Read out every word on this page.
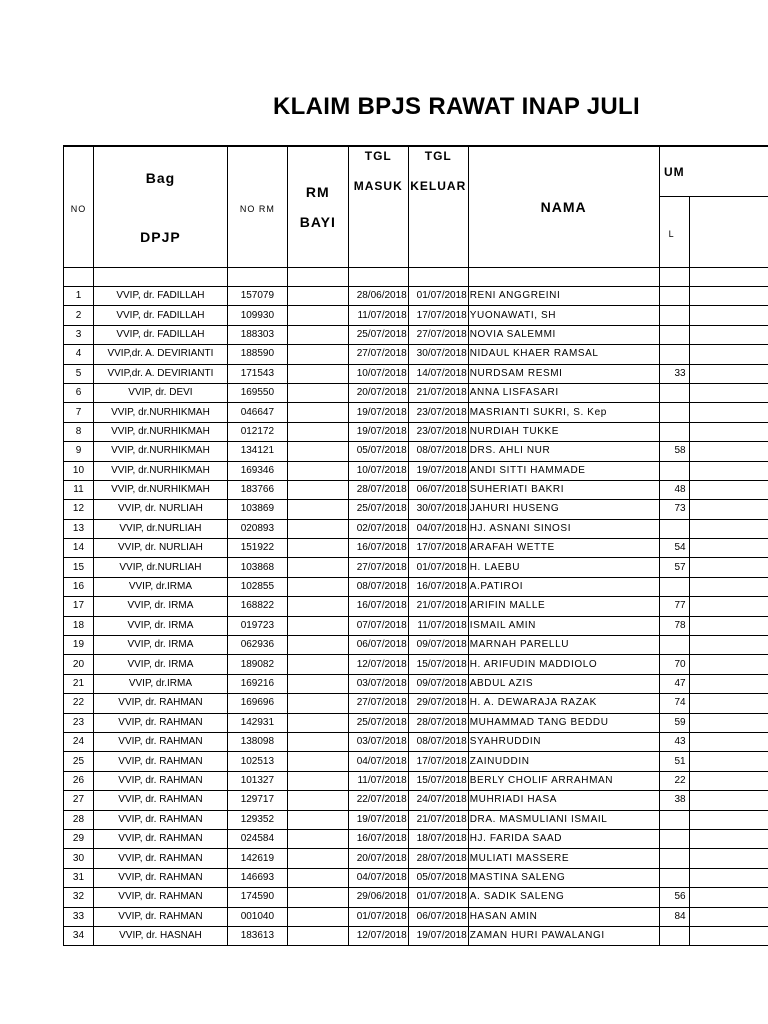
KLAIM BPJS RAWAT INAP JULI
NO	Bag
DPJP	NO RM	RM
BAYI	TGL
MASUK	TGL
KELUAR	NAMA	UM	
							L	

1	VVIP, dr. FADILLAH	157079		28/06/2018	01/07/2018	RENI ANGGREINI		
2	VVIP, dr. FADILLAH	109930		11/07/2018	17/07/2018	YUONAWATI, SH		
3	VVIP, dr. FADILLAH	188303		25/07/2018	27/07/2018	NOVIA SALEMMI		
4	VVIP,dr. A. DEVIRIANTI	188590		27/07/2018	30/07/2018	NIDAUL KHAER RAMSAL		
5	VVIP,dr. A. DEVIRIANTI	171543		10/07/2018	14/07/2018	NURDSAM RESMI	33	
6	VVIP, dr. DEVI	169550		20/07/2018	21/07/2018	ANNA LISFASARI		
7	VVIP, dr.NURHIKMAH	046647		19/07/2018	23/07/2018	MASRIANTI SUKRI, S. Kep		
8	VVIP, dr.NURHIKMAH	012172		19/07/2018	23/07/2018	NURDIAH TUKKE		
9	VVIP, dr.NURHIKMAH	134121		05/07/2018	08/07/2018	DRS. AHLI NUR	58	
10	VVIP, dr.NURHIKMAH	169346		10/07/2018	19/07/2018	ANDI SITTI HAMMADE		
11	VVIP, dr.NURHIKMAH	183766		28/07/2018	06/07/2018	SUHERIATI BAKRI	48	
12	VVIP, dr. NURLIAH	103869		25/07/2018	30/07/2018	JAHURI HUSENG	73	
13	VVIP, dr.NURLIAH	020893		02/07/2018	04/07/2018	HJ. ASNANI SINOSI		
14	VVIP, dr. NURLIAH	151922		16/07/2018	17/07/2018	ARAFAH WETTE	54	
15	VVIP, dr.NURLIAH	103868		27/07/2018	01/07/2018	H. LAEBU	57	
16	VVIP, dr.IRMA	102855		08/07/2018	16/07/2018	A.PATIROI		
17	VVIP, dr. IRMA	168822		16/07/2018	21/07/2018	ARIFIN MALLE	77	
18	VVIP, dr. IRMA	019723		07/07/2018	11/07/2018	ISMAIL AMIN	78	
19	VVIP, dr. IRMA	062936		06/07/2018	09/07/2018	MARNAH PARELLU		
20	VVIP, dr. IRMA	189082		12/07/2018	15/07/2018	H. ARIFUDIN MADDIOLO	70	
21	VVIP, dr.IRMA	169216		03/07/2018	09/07/2018	ABDUL AZIS	47	
22	VVIP, dr. RAHMAN	169696		27/07/2018	29/07/2018	H. A. DEWARAJA RAZAK	74	
23	VVIP, dr. RAHMAN	142931		25/07/2018	28/07/2018	MUHAMMAD TANG BEDDU	59	
24	VVIP, dr. RAHMAN	138098		03/07/2018	08/07/2018	SYAHRUDDIN	43	
25	VVIP, dr. RAHMAN	102513		04/07/2018	17/07/2018	ZAINUDDIN	51	
26	VVIP, dr. RAHMAN	101327		11/07/2018	15/07/2018	BERLY CHOLIF ARRAHMAN	22	
27	VVIP, dr. RAHMAN	129717		22/07/2018	24/07/2018	MUHRIADI HASA	38	
28	VVIP, dr. RAHMAN	129352		19/07/2018	21/07/2018	DRA. MASMULIANI ISMAIL		
29	VVIP, dr. RAHMAN	024584		16/07/2018	18/07/2018	HJ. FARIDA SAAD		
30	VVIP, dr. RAHMAN	142619		20/07/2018	28/07/2018	MULIATI MASSERE		
31	VVIP, dr. RAHMAN	146693		04/07/2018	05/07/2018	MASTINA SALENG		
32	VVIP, dr. RAHMAN	174590		29/06/2018	01/07/2018	A. SADIK SALENG	56	
33	VVIP, dr. RAHMAN	001040		01/07/2018	06/07/2018	HASAN AMIN	84	
34	VVIP, dr. HASNAH	183613		12/07/2018	19/07/2018	ZAMAN HURI PAWALANGI		
